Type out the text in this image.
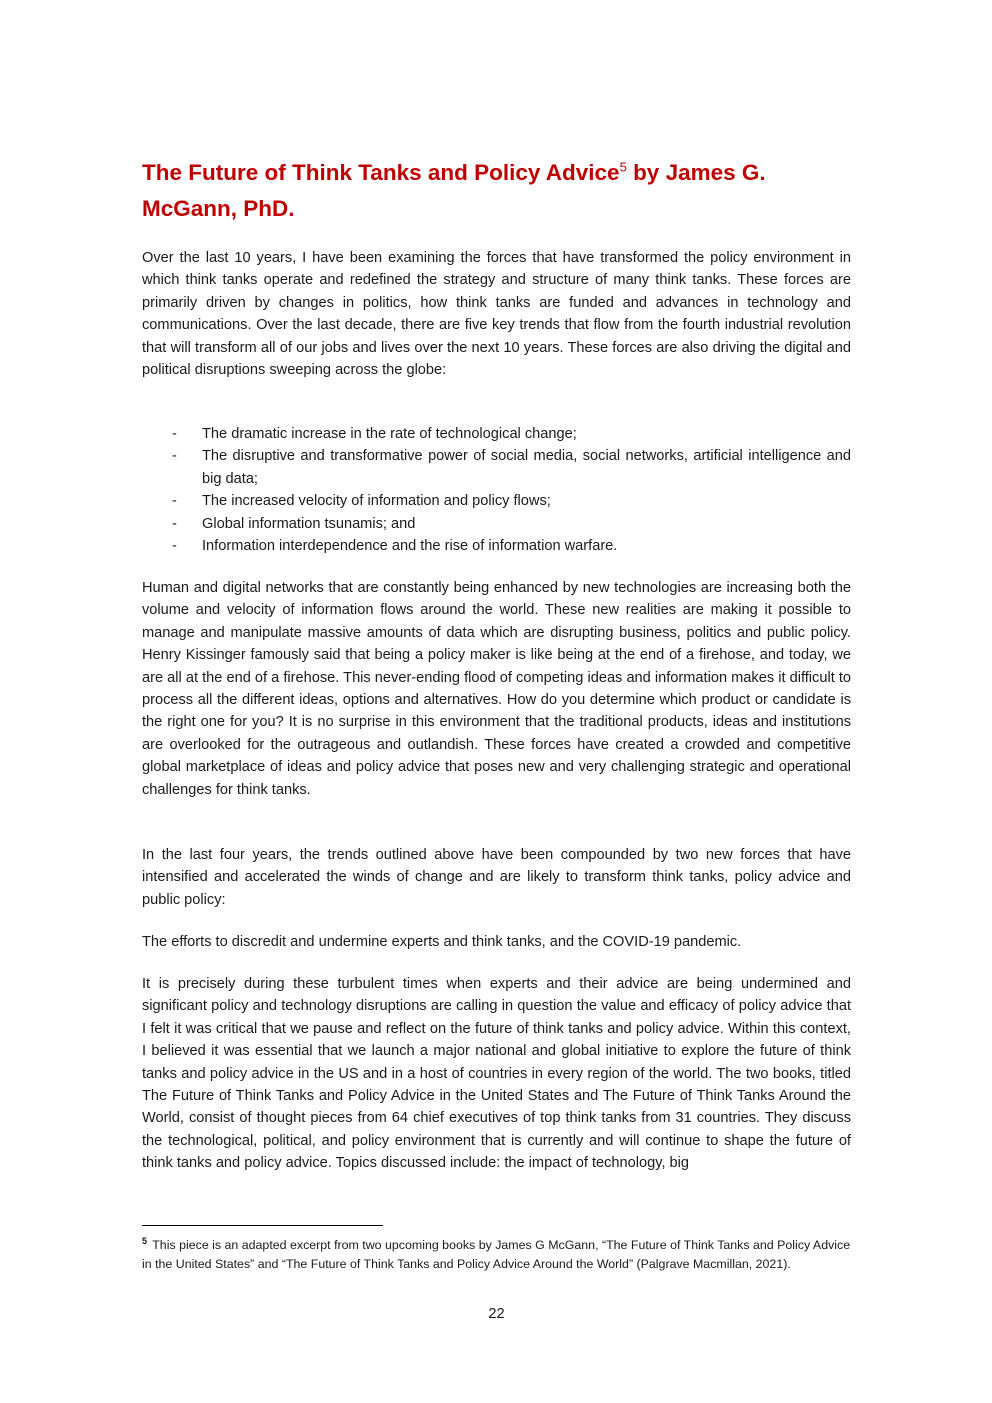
The Future of Think Tanks and Policy Advice$^5$ by James G. McGann, PhD.

Over the last 10 years, I have been examining the forces that have transformed the policy environment in which think tanks operate and redefined the strategy and structure of many think tanks. These forces are primarily driven by changes in politics, how think tanks are funded and advances in technology and communications. Over the last decade, there are five key trends that flow from the fourth industrial revolution that will transform all of our jobs and lives over the next 10 years. These forces are also driving the digital and political disruptions sweeping across the globe:

- The dramatic increase in the rate of technological change;
- The disruptive and transformative power of social media, social networks, artificial intelligence and big data;
- The increased velocity of information and policy flows;
- Global information tsunamis; and
- Information interdependence and the rise of information warfare.

Human and digital networks that are constantly being enhanced by new technologies are increasing both the volume and velocity of information flows around the world. These new realities are making it possible to manage and manipulate massive amounts of data which are disrupting business, politics and public policy. Henry Kissinger famously said that being a policy maker is like being at the end of a firehose, and today, we are all at the end of a firehose. This never-ending flood of competing ideas and information makes it difficult to process all the different ideas, options and alternatives. How do you determine which product or candidate is the right one for you? It is no surprise in this environment that the traditional products, ideas and institutions are overlooked for the outrageous and outlandish. These forces have created a crowded and competitive global marketplace of ideas and policy advice that poses new and very challenging strategic and operational challenges for think tanks.

In the last four years, the trends outlined above have been compounded by two new forces that have intensified and accelerated the winds of change and are likely to transform think tanks, policy advice and public policy:

The efforts to discredit and undermine experts and think tanks, and the COVID-19 pandemic.

It is precisely during these turbulent times when experts and their advice are being undermined and significant policy and technology disruptions are calling in question the value and efficacy of policy advice that I felt it was critical that we pause and reflect on the future of think tanks and policy advice. Within this context, I believed it was essential that we launch a major national and global initiative to explore the future of think tanks and policy advice in the US and in a host of countries in every region of the world. The two books, titled The Future of Think Tanks and Policy Advice in the United States and The Future of Think Tanks Around the World, consist of thought pieces from 64 chief executives of top think tanks from 31 countries. They discuss the technological, political, and policy environment that is currently and will continue to shape the future of think tanks and policy advice. Topics discussed include: the impact of technology, big

$^5$ This piece is an adapted excerpt from two upcoming books by James G McGann, “The Future of Think Tanks and Policy Advice in the United States” and “The Future of Think Tanks and Policy Advice Around the World” (Palgrave Macmillan, 2021).

22
